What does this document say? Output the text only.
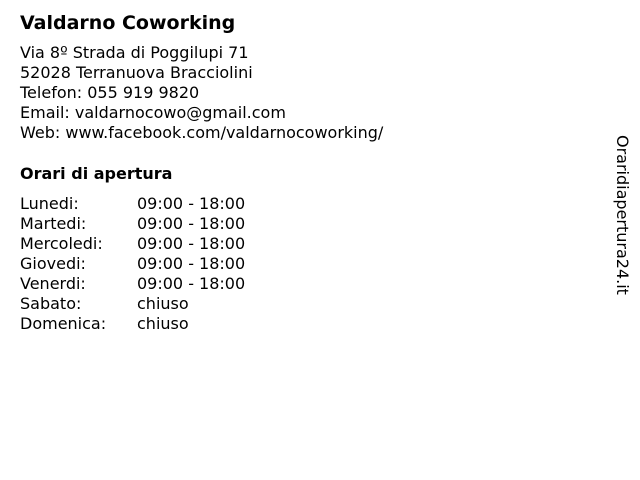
Valdarno Coworking
Via 8º Strada di Poggilupi 71
52028 Terranuova Bracciolini
Telefon: 055 919 9820
Email: valdarnocowo@gmail.com
Web: www.facebook.com/valdarnocoworking/
Orari di apertura
Lunedi:	09:00 - 18:00
Martedi:	09:00 - 18:00
Mercoledi: 09:00 - 18:00
Giovedi:	09:00 - 18:00
Venerdi:	09:00 - 18:00
Sabato:	chiuso
Domenica: chiuso
Oraridiapertura24.it
